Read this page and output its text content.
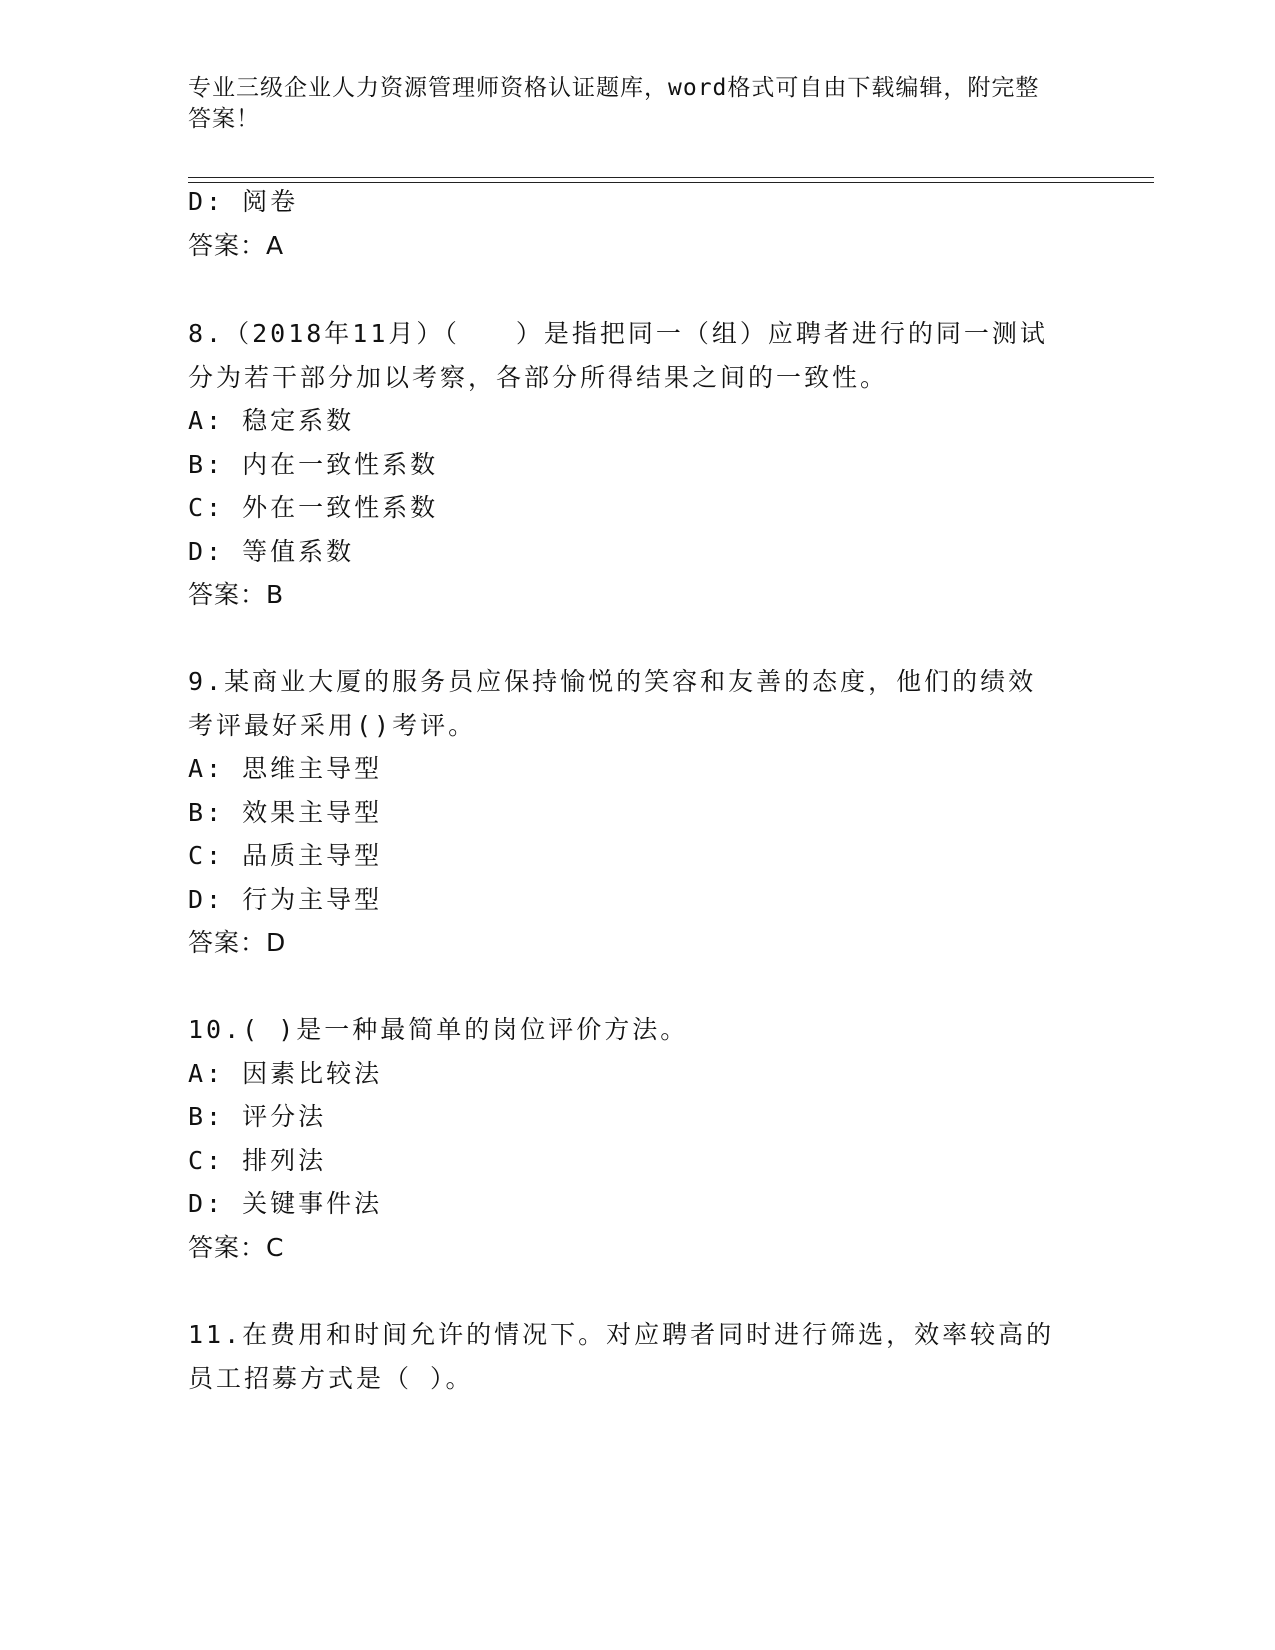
专业三级企业人力资源管理师资格认证题库，word格式可自由下载编辑，附完整
答案！
D: 阅卷
答案：A
8.（2018年11月）（　　）是指把同一（组）应聘者进行的同一测试
分为若干部分加以考察，各部分所得结果之间的一致性。
A: 稳定系数
B: 内在一致性系数
C: 外在一致性系数
D: 等值系数
答案：B
9.某商业大厦的服务员应保持愉悦的笑容和友善的态度，他们的绩效
考评最好采用()考评。
A: 思维主导型
B: 效果主导型
C: 品质主导型
D: 行为主导型
答案：D
10.( )是一种最简单的岗位评价方法。
A: 因素比较法
B: 评分法
C: 排列法
D: 关键事件法
答案：C
11.在费用和时间允许的情况下。对应聘者同时进行筛选，效率较高的
员工招募方式是（ ）。
